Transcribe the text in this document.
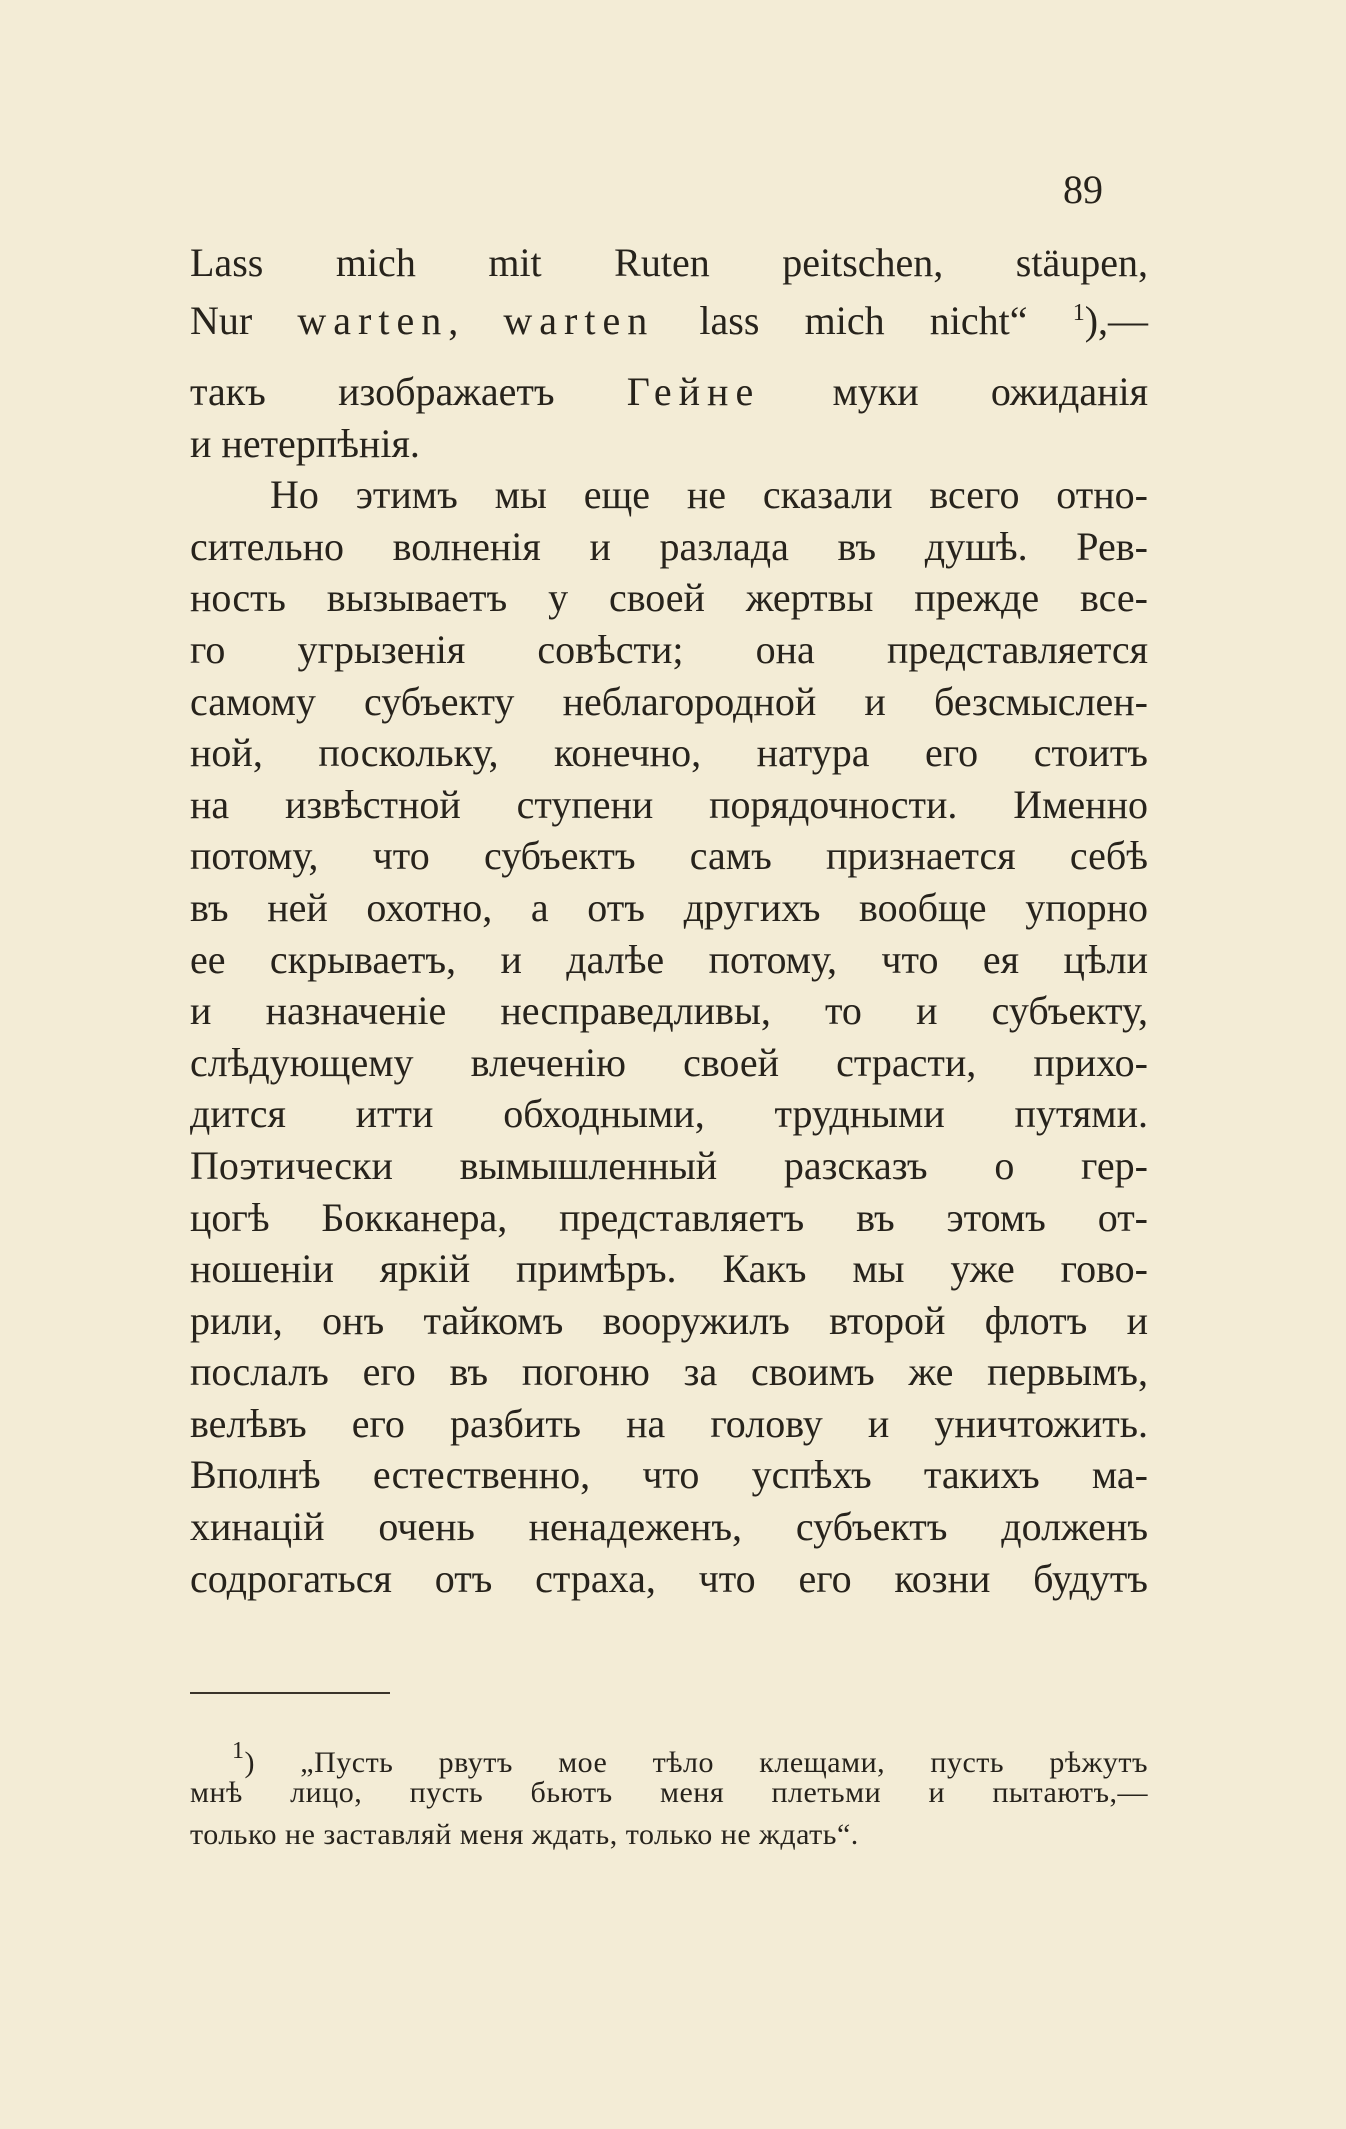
89
Lass mich mit Ruten peitschen, stäupen,
Nur warten, warten lass mich nicht“ $^1$),—
такъ изображаетъ Гейне муки ожиданія
и нетерпѣнія.
Но этимъ мы еще не сказали всего отно-
сительно волненія и разлада въ душѣ. Рев-
ность вызываетъ у своей жертвы прежде все-
го угрызенія совѣсти; она представляется
самому субъекту неблагородной и безсмыслен-
ной, поскольку, конечно, натура его стоитъ
на извѣстной ступени порядочности. Именно
потому, что субъектъ самъ признается себѣ
въ ней охотно, а отъ другихъ вообще упорно
ее скрываетъ, и далѣе потому, что ея цѣли
и назначеніе несправедливы, то и субъекту,
слѣдующему влеченію своей страсти, прихо-
дится итти обходными, трудными путями.
Поэтически вымышленный разсказъ о гер-
цогѣ Бокканера, представляетъ въ этомъ от-
ношеніи яркій примѣръ. Какъ мы уже гово-
рили, онъ тайкомъ вооружилъ второй флотъ и
послалъ его въ погоню за своимъ же первымъ,
велѣвъ его разбить на голову и уничтожить.
Вполнѣ естественно, что успѣхъ такихъ ма-
хинацій очень ненадеженъ, субъектъ долженъ
содрогаться отъ страха, что его козни будутъ
$^1$) „Пусть рвутъ мое тѣло клещами, пусть рѣжутъ
мнѣ лицо, пусть бьютъ меня плетьми и пытаютъ,—
только не заставляй меня ждать, только не ждать“.
